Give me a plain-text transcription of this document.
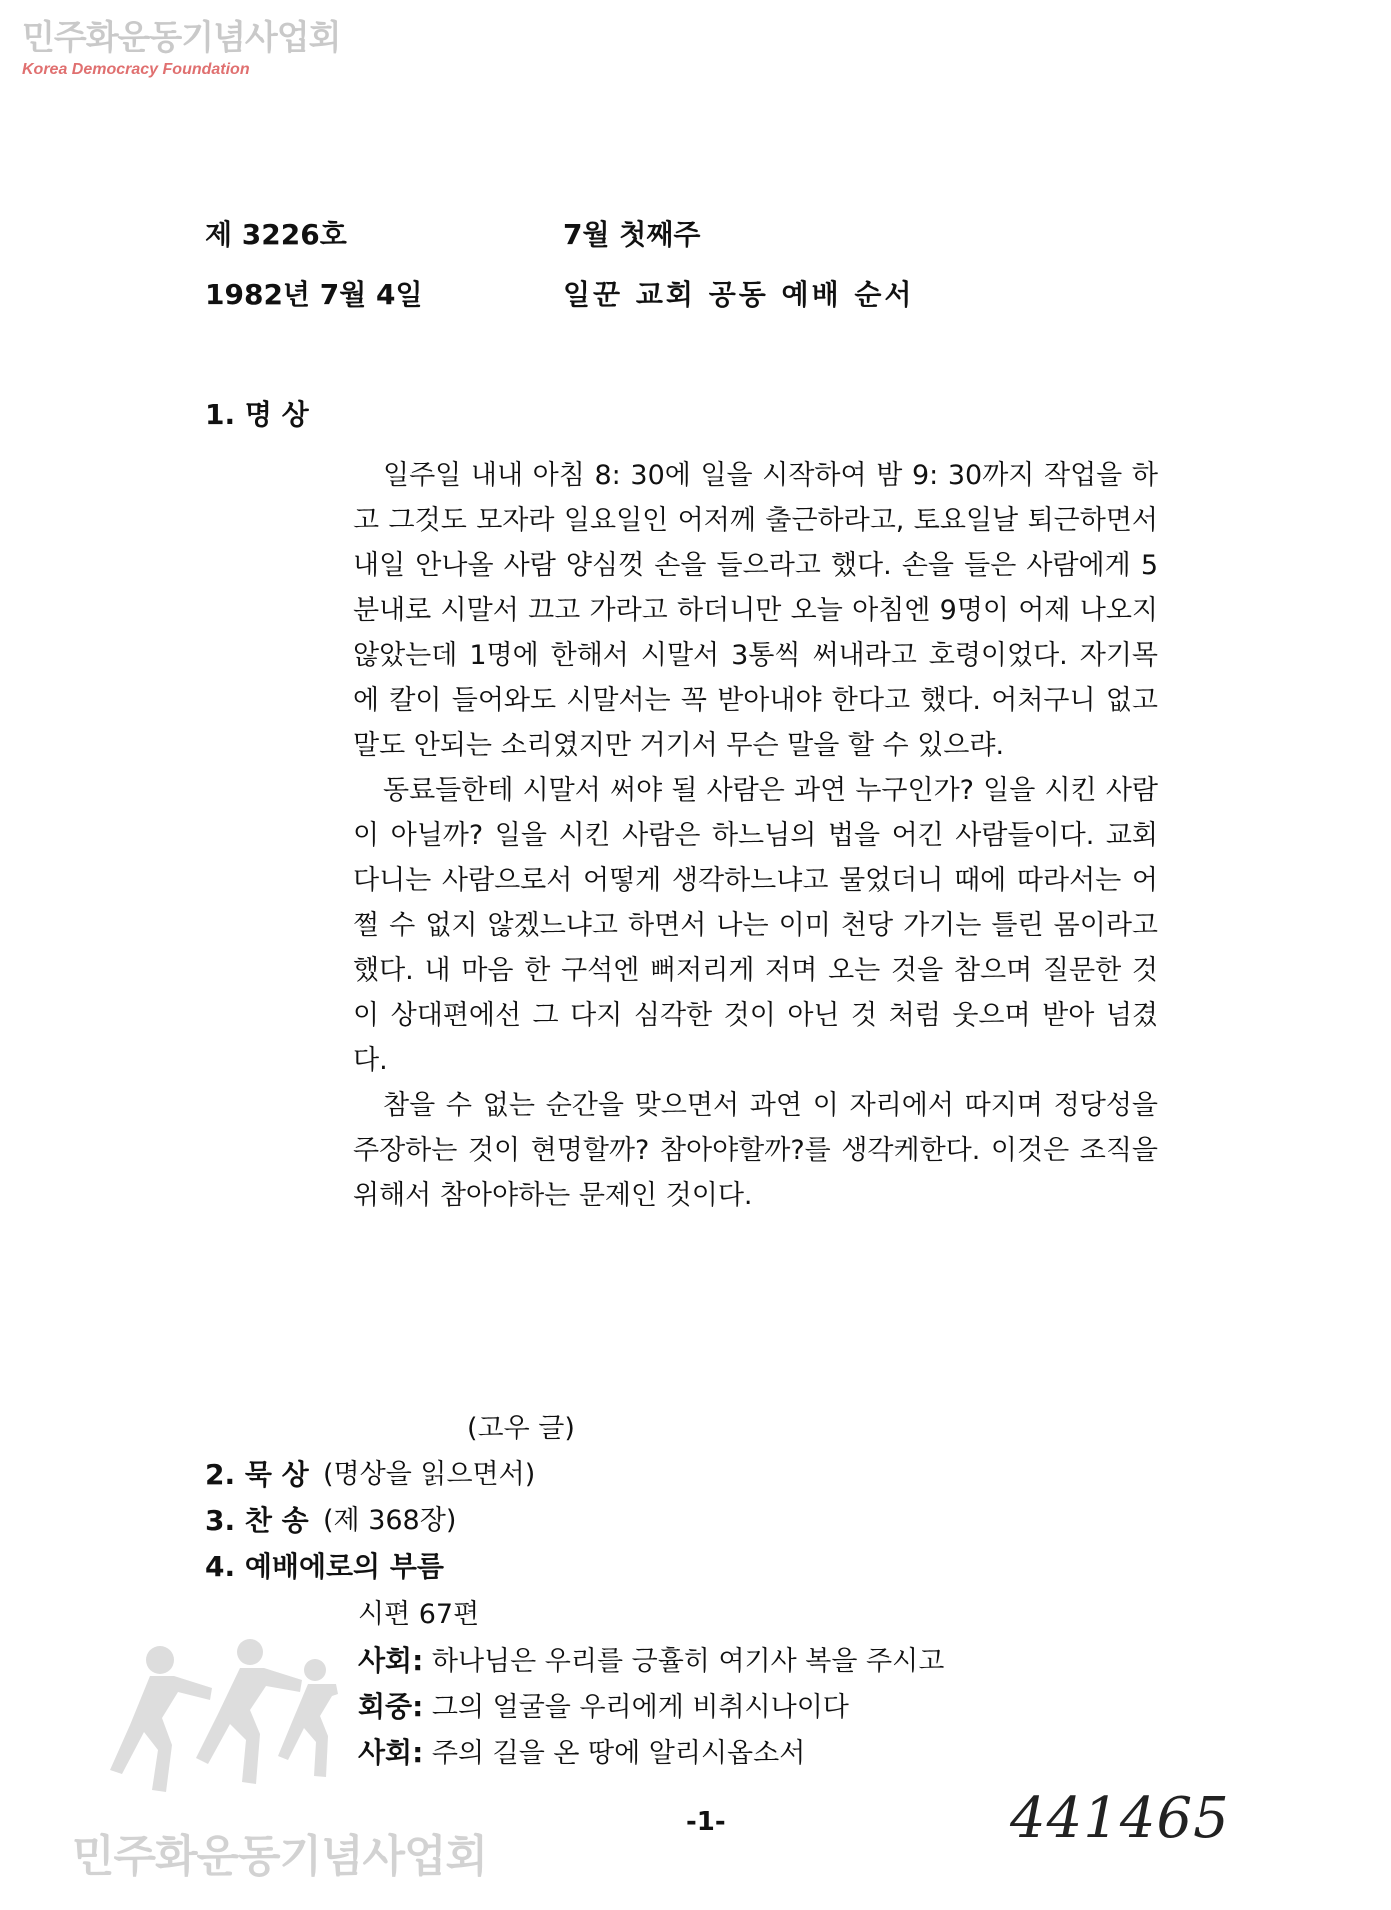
민주화운동기념사업회
Korea Democracy Foundation
제 3226호	7월 첫째주
1982년 7월 4일	일꾼 교회 공동 예배 순서
1. 명 상

일주일 내내 아침 8: 30에 일을 시작하여 밤 9: 30까지 작업을 하고 그것도 모자라 일요일인 어저께 출근하라고, 토요일날 퇴근하면서 내일 안나올 사람 양심껏 손을 들으라고 했다. 손을 들은 사람에게 5분내로 시말서 끄고 가라고 하더니만 오늘 아침엔 9명이 어제 나오지 않았는데 1명에 한해서 시말서 3통씩 써내라고 호령이었다. 자기목에 칼이 들어와도 시말서는 꼭 받아내야 한다고 했다. 어처구니 없고 말도 안되는 소리였지만 거기서 무슨 말을 할 수 있으랴.

동료들한테 시말서 써야 될 사람은 과연 누구인가? 일을 시킨 사람이 아닐까? 일을 시킨 사람은 하느님의 법을 어긴 사람들이다. 교회 다니는 사람으로서 어떻게 생각하느냐고 물었더니 때에 따라서는 어쩔 수 없지 않겠느냐고 하면서 나는 이미 천당 가기는 틀린 몸이라고 했다. 내 마음 한 구석엔 뻐저리게 저며 오는 것을 참으며 질문한 것이 상대편에선 그 다지 심각한 것이 아닌 것 처럼 웃으며 받아 넘겼다.

참을 수 없는 순간을 맞으면서 과연 이 자리에서 따지며 정당성을 주장하는 것이 현명할까? 참아야할까?를 생각케한다. 이것은 조직을 위해서 참아야하는 문제인 것이다.

(고우 글)
2. 묵 상 (명상을 읽으면서)
3. 찬 송 (제 368장)
4. 예배에로의 부름
시편 67편
사회: 하나님은 우리를 긍휼히 여기사 복을 주시고
회중: 그의 얼굴을 우리에게 비취시나이다
사회: 주의 길을 온 땅에 알리시옵소서
-1-	441465
민주화운동기념사업회
